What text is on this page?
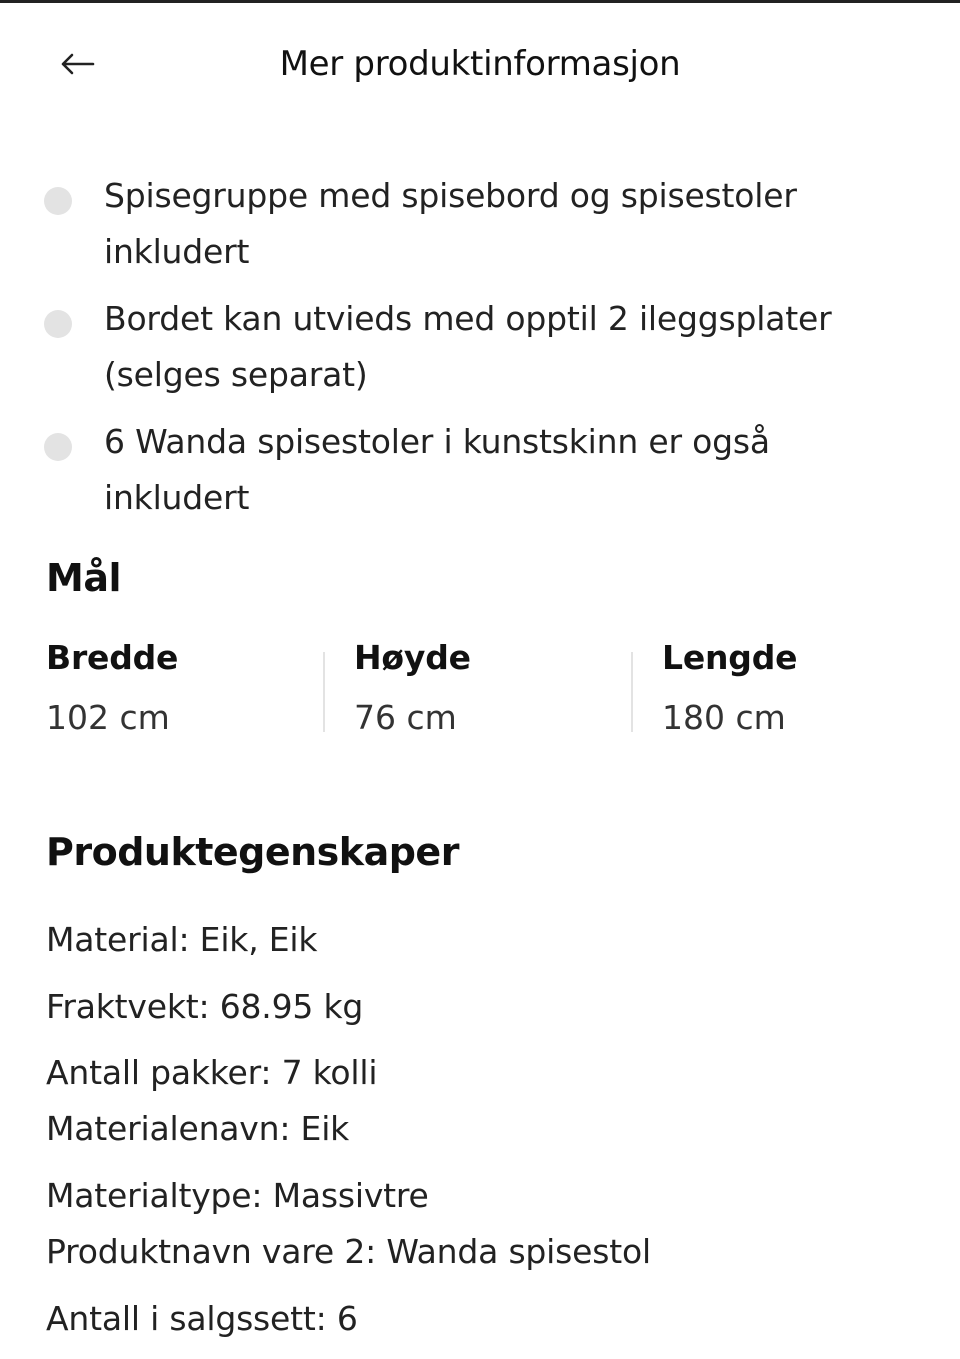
Mer produktinformasjon
Spisegruppe med spisebord og spisestoler inkludert
Bordet kan utvieds med opptil 2 ileggsplater (selges separat)
6 Wanda spisestoler i kunstskinn er også inkludert
Mål
Bredde
102 cm
Høyde
76 cm
Lengde
180 cm
Produktegenskaper
Material: Eik, Eik
Fraktvekt: 68.95 kg
Antall pakker: 7 kolli
Materialenavn: Eik
Materialtype: Massivtre
Produktnavn vare 2: Wanda spisestol
Antall i salgssett: 6
